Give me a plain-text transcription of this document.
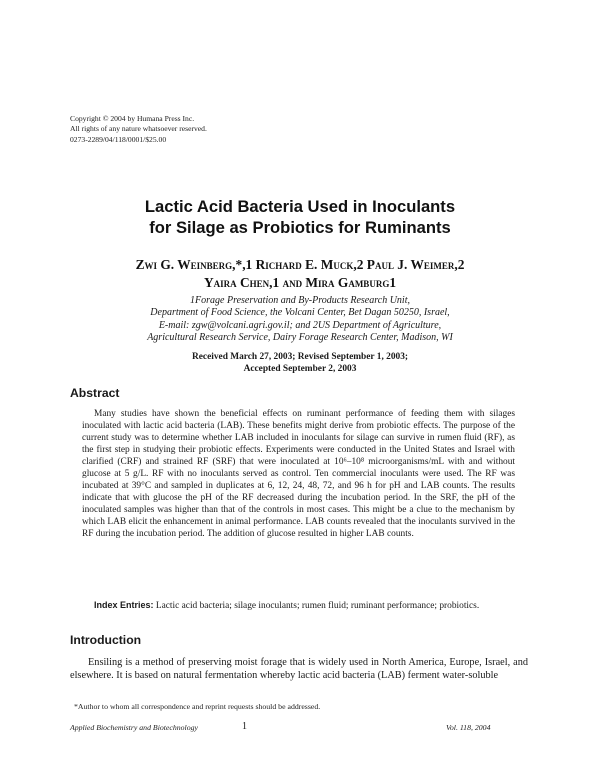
Copyright © 2004 by Humana Press Inc.
All rights of any nature whatsoever reserved.
0273-2289/04/118/0001/$25.00
Lactic Acid Bacteria Used in Inoculants
for Silage as Probiotics for Ruminants
Zwi G. Weinberg,*,1 Richard E. Muck,2 Paul J. Weimer,2
Yaira Chen,1 and Mira Gamburg1
1Forage Preservation and By-Products Research Unit,
Department of Food Science, the Volcani Center, Bet Dagan 50250, Israel,
E-mail: zgw@volcani.agri.gov.il; and 2US Department of Agriculture,
Agricultural Research Service, Dairy Forage Research Center, Madison, WI
Received March 27, 2003; Revised September 1, 2003;
Accepted September 2, 2003
Abstract

Many studies have shown the beneficial effects on ruminant performance of feeding them with silages inoculated with lactic acid bacteria (LAB). These benefits might derive from probiotic effects. The purpose of the current study was to determine whether LAB included in inoculants for silage can survive in rumen fluid (RF), as the first step in studying their probiotic effects. Experiments were conducted in the United States and Israel with clarified (CRF) and strained RF (SRF) that were inoculated at 10⁶–10⁸ microorganisms/mL with and without glucose at 5 g/L. RF with no inoculants served as control. Ten commercial inoculants were used. The RF was incubated at 39°C and sampled in duplicates at 6, 12, 24, 48, 72, and 96 h for pH and LAB counts. The results indicate that with glucose the pH of the RF decreased during the incubation period. In the SRF, the pH of the inoculated samples was higher than that of the controls in most cases. This might be a clue to the mechanism by which LAB elicit the enhancement in animal performance. LAB counts revealed that the inoculants survived in the RF during the incubation period. The addition of glucose resulted in higher LAB counts.

Index Entries: Lactic acid bacteria; silage inoculants; rumen fluid; ruminant performance; probiotics.

Introduction

Ensiling is a method of preserving moist forage that is widely used in North America, Europe, Israel, and elsewhere. It is based on natural fermentation whereby lactic acid bacteria (LAB) ferment water-soluble

*Author to whom all correspondence and reprint requests should be addressed.
Applied Biochemistry and Biotechnology	1	Vol. 118, 2004
